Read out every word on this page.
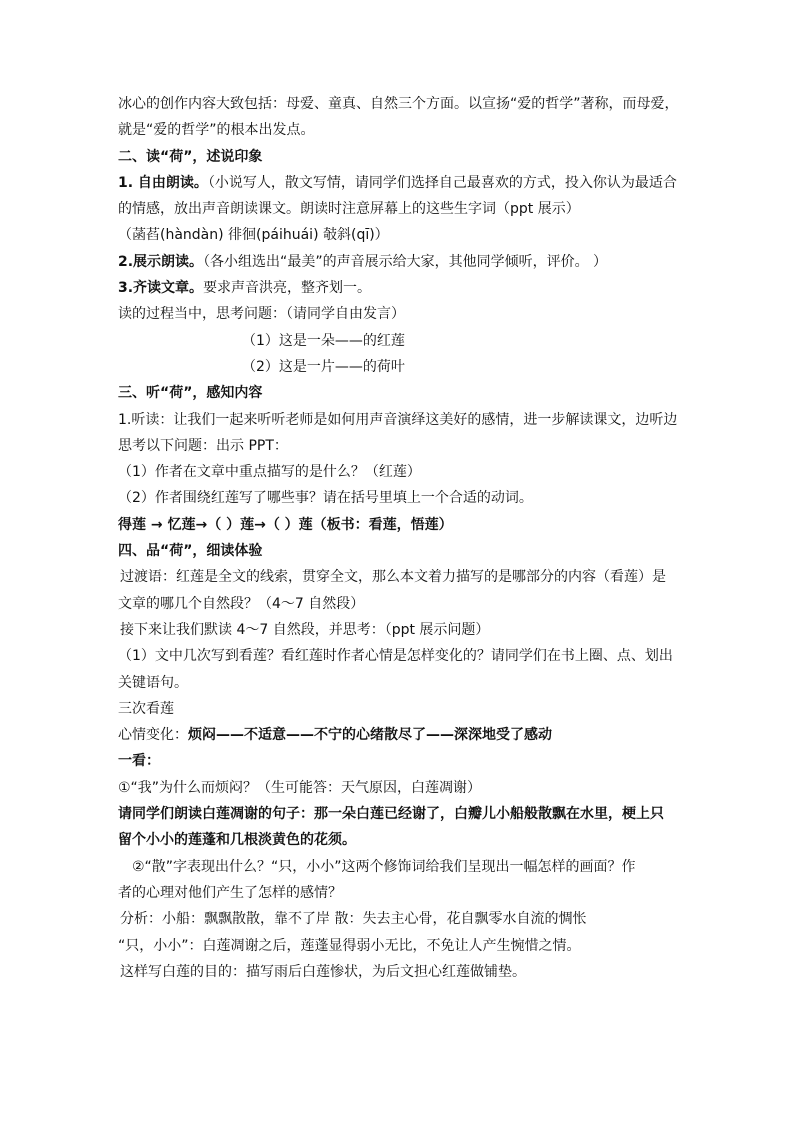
冰心的创作内容大致包括：母爱、童真、自然三个方面。以宣扬“爱的哲学”著称，而母爱，
就是“爱的哲学”的根本出发点。
二、读“荷”，述说印象
1. 自由朗读。（小说写人，散文写情，请同学们选择自己最喜欢的方式，投入你认为最适合
的情感，放出声音朗读课文。朗读时注意屏幕上的这些生字词（ppt 展示）
（菡萏(hàndàn) 徘徊(páihuái) 攲斜(qī)）
2.展示朗读。（各小组选出“最美”的声音展示给大家，其他同学倾听，评价。 ）
3.齐读文章。要求声音洪亮，整齐划一。
读的过程当中，思考问题：（请同学自由发言）
（1）这是一朵——的红莲
（2）这是一片——的荷叶
三、听“荷”，感知内容
1.听读：让我们一起来听听老师是如何用声音演绎这美好的感情，进一步解读课文，边听边
思考以下问题：出示 PPT：
（1）作者在文章中重点描写的是什么？（红莲）
（2）作者围绕红莲写了哪些事？请在括号里填上一个合适的动词。
得莲 → 忆莲→（ ）莲→（ ）莲（板书：看莲，悟莲）
四、品“荷”，细读体验
过渡语：红莲是全文的线索，贯穿全文，那么本文着力描写的是哪部分的内容（看莲）是
文章的哪几个自然段？（4～7 自然段）
接下来让我们默读 4～7 自然段，并思考：（ppt 展示问题）
（1）文中几次写到看莲？看红莲时作者心情是怎样变化的？请同学们在书上圈、点、划出
关键语句。
三次看莲
心情变化：烦闷——不适意——不宁的心绪散尽了——深深地受了感动
一看：
①“我”为什么而烦闷？（生可能答：天气原因，白莲凋谢）
请同学们朗读白莲凋谢的句子：那一朵白莲已经谢了，白瓣儿小船般散飘在水里，梗上只
留个小小的莲蓬和几根淡黄色的花须。
②“散”字表现出什么？“只，小小”这两个修饰词给我们呈现出一幅怎样的画面？作
者的心理对他们产生了怎样的感情？
分析：小船：飘飘散散，靠不了岸 散：失去主心骨，花自飘零水自流的惆怅
“只，小小”：白莲凋谢之后，莲蓬显得弱小无比，不免让人产生惋惜之情。
这样写白莲的目的：描写雨后白莲惨状，为后文担心红莲做铺垫。
